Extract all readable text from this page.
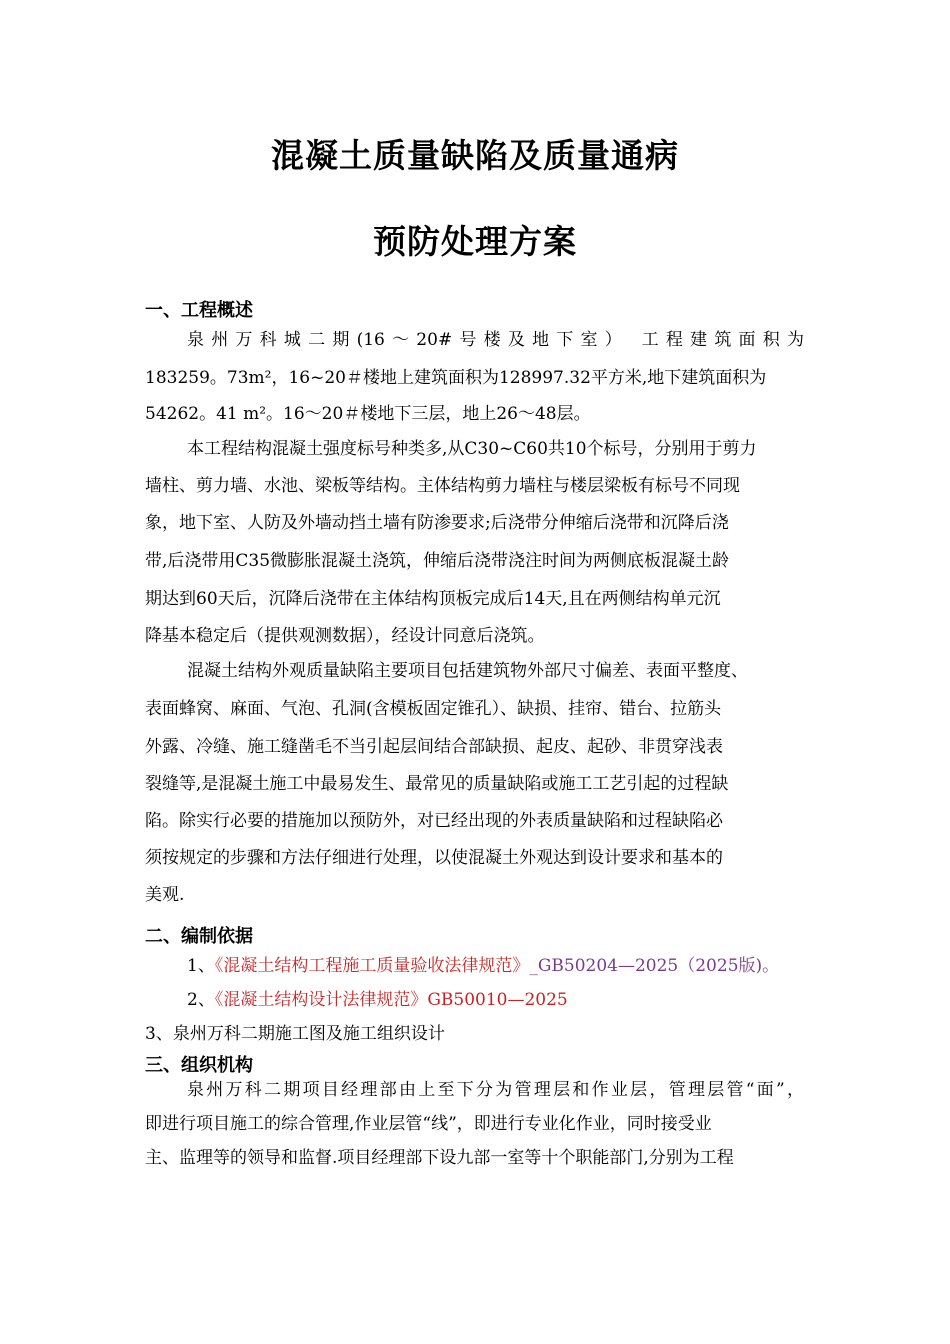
混凝土质量缺陷及质量通病
预防处理方案
一、工程概述
泉州万科城二期(16～20#号楼及地下室） 工程建筑面积为
183259。73m²，16~20＃楼地上建筑面积为128997.32平方米,地下建筑面积为
54262。41 m²。16～20＃楼地下三层，地上26～48层。
本工程结构混凝土强度标号种类多,从C30~C60共10个标号，分别用于剪力
墙柱、剪力墙、水池、梁板等结构。主体结构剪力墙柱与楼层梁板有标号不同现
象，地下室、人防及外墙动挡土墙有防渗要求;后浇带分伸缩后浇带和沉降后浇
带,后浇带用C35微膨胀混凝土浇筑，伸缩后浇带浇注时间为两侧底板混凝土龄
期达到60天后，沉降后浇带在主体结构顶板完成后14天,且在两侧结构单元沉
降基本稳定后（提供观测数据），经设计同意后浇筑。
混凝土结构外观质量缺陷主要项目包括建筑物外部尺寸偏差、表面平整度、
表面蜂窝、麻面、气泡、孔洞(含模板固定锥孔）、缺损、挂帘、错台、拉筋头
外露、冷缝、施工缝凿毛不当引起层间结合部缺损、起皮、起砂、非贯穿浅表
裂缝等,是混凝土施工中最易发生、最常见的质量缺陷或施工工艺引起的过程缺
陷。除实行必要的措施加以预防外，对已经出现的外表质量缺陷和过程缺陷必
须按规定的步骤和方法仔细进行处理，以使混凝土外观达到设计要求和基本的
美观.
二、编制依据
1、《混凝土结构工程施工质量验收法律规范》_GB50204—2025（2025版)。
2、《混凝土结构设计法律规范》GB50010—2025
3、泉州万科二期施工图及施工组织设计
三、组织机构
泉州万科二期项目经理部由上至下分为管理层和作业层，管理层管“面”，
即进行项目施工的综合管理,作业层管“线”，即进行专业化作业，同时接受业
主、监理等的领导和监督.项目经理部下设九部一室等十个职能部门,分别为工程
